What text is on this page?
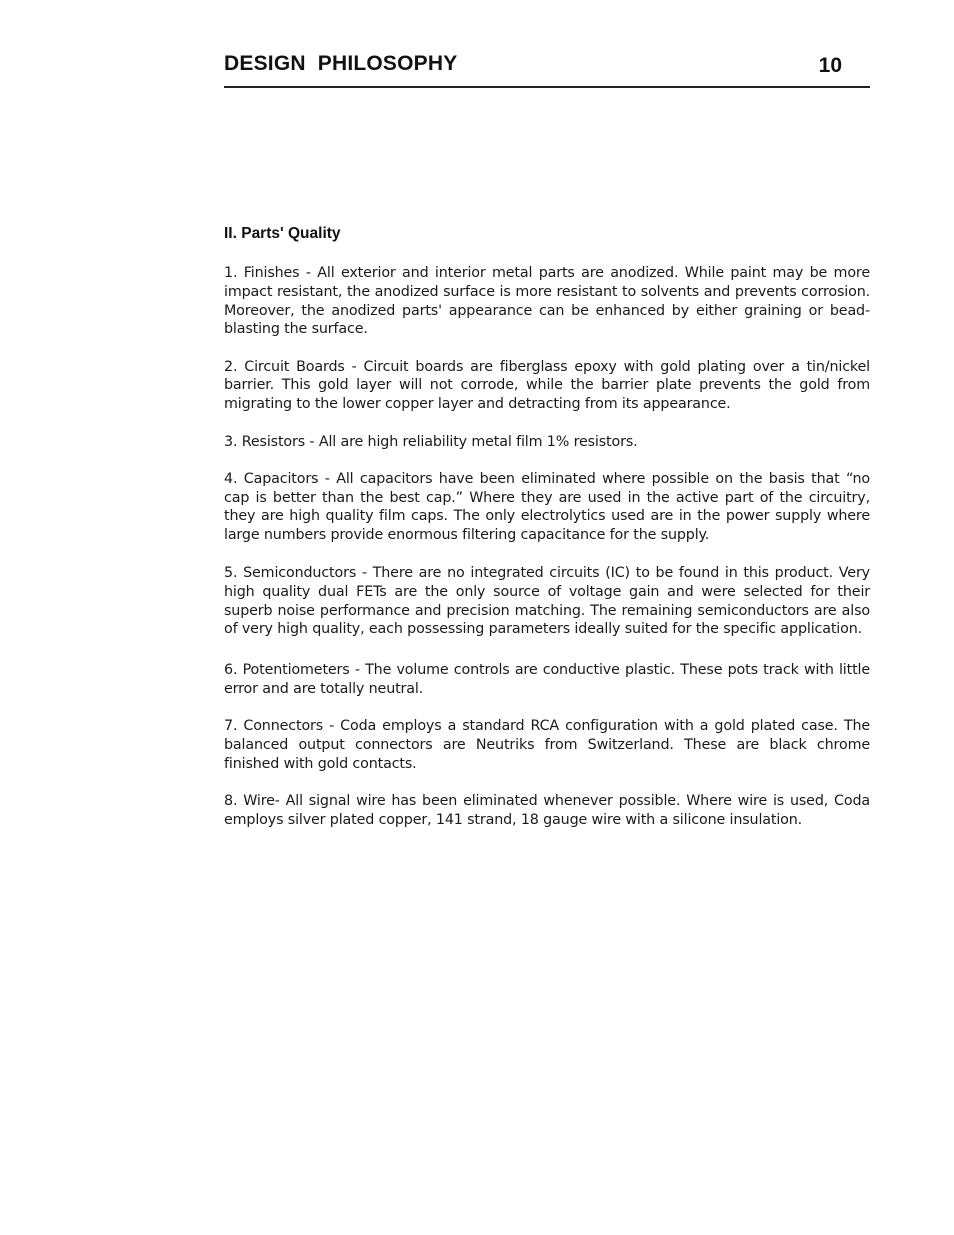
DESIGN PHILOSOPHY	10
II. Parts' Quality

1. Finishes - All exterior and interior metal parts are anodized. While paint may be more impact resistant, the anodized surface is more resistant to solvents and prevents corrosion. Moreover, the anodized parts' appearance can be enhanced by either graining or bead-blasting the surface.

2. Circuit Boards - Circuit boards are fiberglass epoxy with gold plating over a tin/nickel barrier. This gold layer will not corrode, while the barrier plate prevents the gold from migrating to the lower copper layer and detracting from its appearance.

3. Resistors - All are high reliability metal film 1% resistors.

4. Capacitors - All capacitors have been eliminated where possible on the basis that “no cap is better than the best cap.” Where they are used in the active part of the circuitry, they are high quality film caps. The only electrolytics used are in the power supply where large numbers provide enormous filtering capacitance for the supply.

5. Semiconductors - There are no integrated circuits (IC) to be found in this product. Very high quality dual FETs are the only source of voltage gain and were selected for their superb noise performance and precision matching. The remaining semiconductors are also of very high quality, each possessing parameters ideally suited for the specific application.

6. Potentiometers - The volume controls are conductive plastic. These pots track with little error and are totally neutral.

7. Connectors - Coda employs a standard RCA configuration with a gold plated case. The balanced output connectors are Neutriks from Switzerland. These are black chrome finished with gold contacts.

8. Wire- All signal wire has been eliminated whenever possible. Where wire is used, Coda employs silver plated copper, 141 strand, 18 gauge wire with a silicone insulation.
